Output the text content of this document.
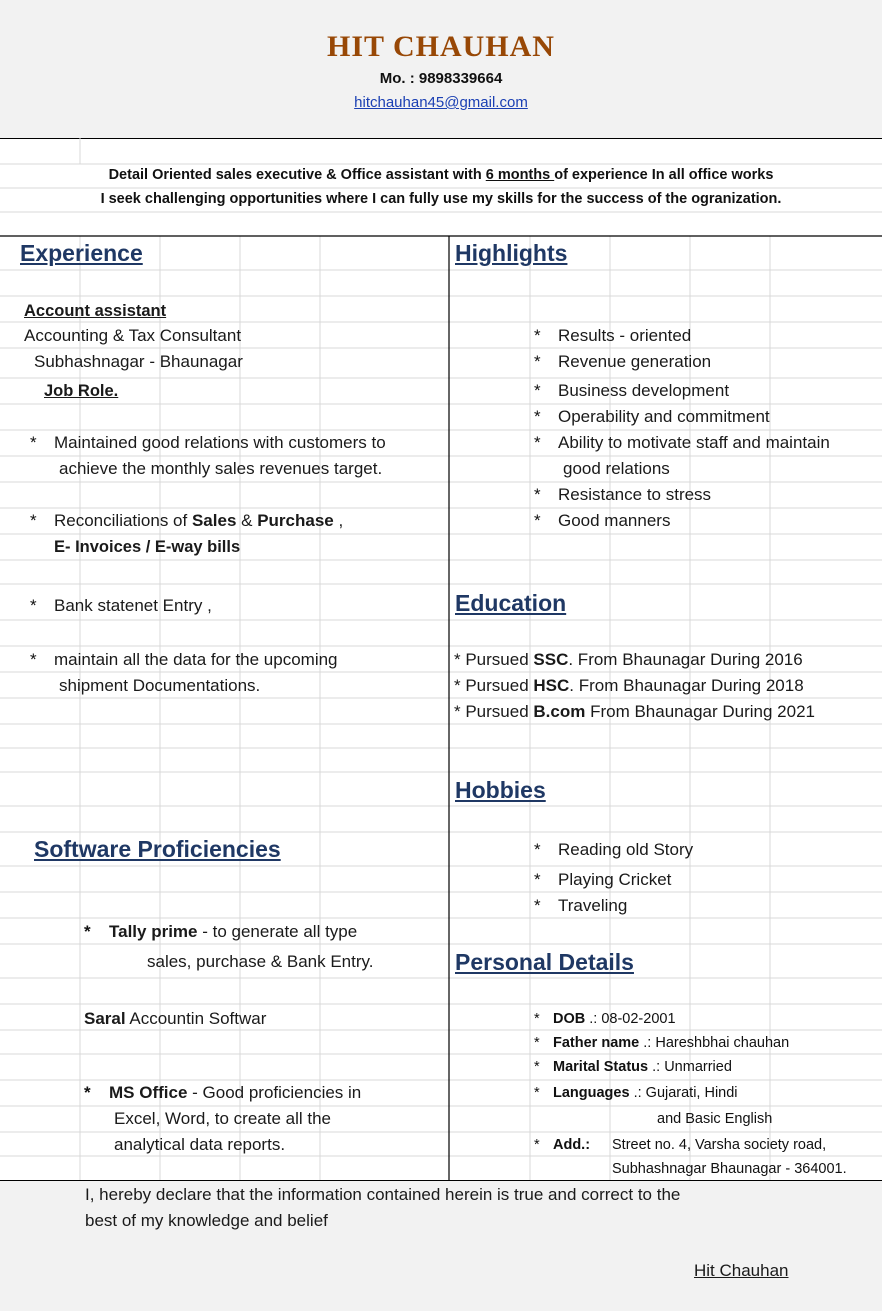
HIT CHAUHAN
Mo. : 9898339664
hitchauhan45@gmail.com
Detail Oriented sales executive & Office assistant with 6 months of experience In all office works
I seek challenging opportunities where I can fully use my skills for the success of the ogranization.
Experience
Account assistant
Accounting & Tax Consultant
Subhashnagar - Bhaunagar
Job Role.
* Maintained good relations with customers to
achieve the monthly sales revenues target.
* Reconciliations of Sales & Purchase ,
E- Invoices / E-way bills
* Bank statenet Entry ,
* maintain all the data for the upcoming
shipment Documentations.
Highlights
* Results - oriented
* Revenue generation
* Business development
* Operability and commitment
* Ability to motivate staff and maintain
* Resistance to stress
* Good manners
good relations
Education
* Pursued SSC. From Bhaunagar During 2016
* Pursued HSC. From Bhaunagar During 2018
* Pursued B.com From Bhaunagar During 2021
Hobbies
* Reading old Story
* Playing Cricket
* Traveling
Software Proficiencies
* Tally prime - to generate all type
sales, purchase & Bank Entry.
Saral Accountin Softwar
* MS Office - Good proficiencies in
Excel, Word, to create all the
analytical data reports.
Personal Details
* DOB .: 08-02-2001
* Father name .: Hareshbhai chauhan
* Marital Status .: Unmarried
* Languages .: Gujarati, Hindi
and Basic English
* Add.: Street no. 4, Varsha society road,
Subhashnagar Bhaunagar - 364001.
I, hereby declare that the information contained herein is true and correct to the
best of my knowledge and belief
Hit Chauhan
